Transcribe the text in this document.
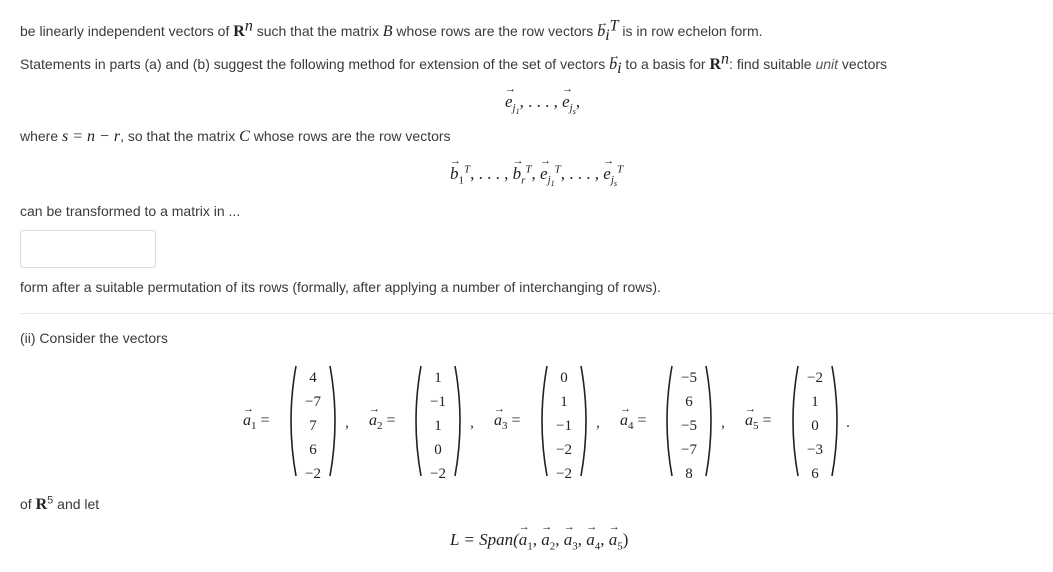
be linearly independent vectors of $R^n$ such that the matrix B whose rows are the row vectors → $b_i^T$ is in row echelon form.
Statements in parts (a) and (b) suggest the following method for extension of the set of vectors → $b_i$ to a basis for $R^n$: find suitable unit vectors
→ $e_{j_1}$, . . . , → $e_{j_s}$,
where s = n − r, so that the matrix C whose rows are the row vectors
→ $b_1^T$, . . . , → $b_r^T$, → $e_{j_1}^T$, . . . , → $e_{j_s}^T$
can be transformed to a matrix in ...
form after a suitable permutation of its rows (formally, after applying a number of interchanging of rows).
(ii) Consider the vectors
→ $a_1$ =
4
−7
7
6
−2
, → $a_2$ =
1
−1
1
0
−2
, → $a_3$ =
0
1
−1
−2
−2
, → $a_4$ =
−5
6
−5
−7
8
, → $a_5$ =
−2
1
0
−3
6
.
of $R^5$ and let
L = Span(→ $a_1$, → $a_2$, → $a_3$, → $a_4$, → $a_5$)
